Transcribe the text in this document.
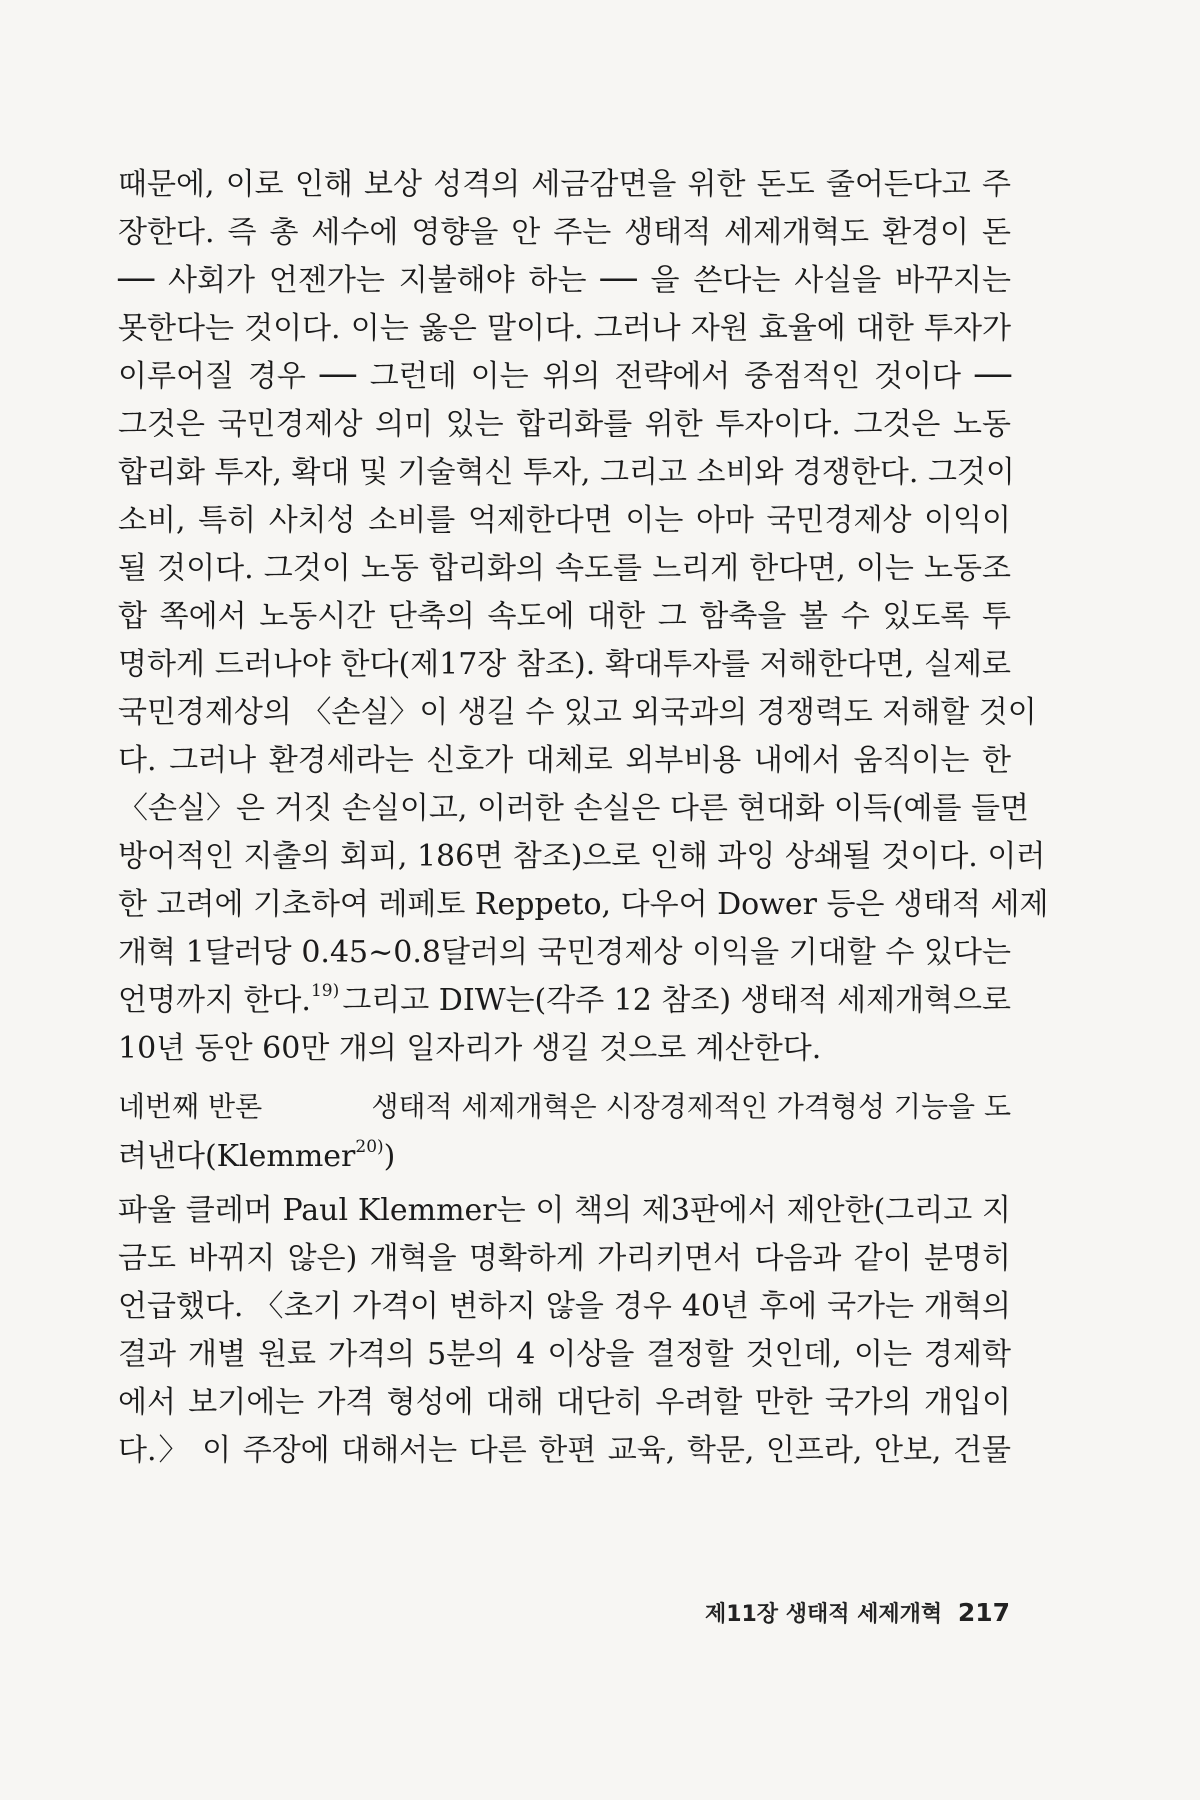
때문에, 이로 인해 보상 성격의 세금감면을 위한 돈도 줄어든다고 주
장한다. 즉 총 세수에 영향을 안 주는 생태적 세제개혁도 환경이 돈
── 사회가 언젠가는 지불해야 하는 ── 을 쓴다는 사실을 바꾸지는
못한다는 것이다. 이는 옳은 말이다. 그러나 자원 효율에 대한 투자가
이루어질 경우 ── 그런데 이는 위의 전략에서 중점적인 것이다 ──
그것은 국민경제상 의미 있는 합리화를 위한 투자이다. 그것은 노동
합리화 투자, 확대 및 기술혁신 투자, 그리고 소비와 경쟁한다. 그것이
소비, 특히 사치성 소비를 억제한다면 이는 아마 국민경제상 이익이
될 것이다. 그것이 노동 합리화의 속도를 느리게 한다면, 이는 노동조
합 쪽에서 노동시간 단축의 속도에 대한 그 함축을 볼 수 있도록 투
명하게 드러나야 한다(제17장 참조). 확대투자를 저해한다면, 실제로
국민경제상의 〈손실〉이 생길 수 있고 외국과의 경쟁력도 저해할 것이
다. 그러나 환경세라는 신호가 대체로 외부비용 내에서 움직이는 한
〈손실〉은 거짓 손실이고, 이러한 손실은 다른 현대화 이득(예를 들면
방어적인 지출의 회피, 186면 참조)으로 인해 과잉 상쇄될 것이다. 이러
한 고려에 기초하여 레페토 Reppeto, 다우어 Dower 등은 생태적 세제
개혁 1달러당 0.45~0.8달러의 국민경제상 이익을 기대할 수 있다는
언명까지 한다.$^{19)}$ 그리고 DIW는(각주 12 참조) 생태적 세제개혁으로
10년 동안 60만 개의 일자리가 생길 것으로 계산한다.
네번째 반론	생태적 세제개혁은 시장경제적인 가격형성 기능을 도
려낸다(Klemmer$^{20)}$)
파울 클레머 Paul Klemmer는 이 책의 제3판에서 제안한(그리고 지
금도 바뀌지 않은) 개혁을 명확하게 가리키면서 다음과 같이 분명히
언급했다. 〈초기 가격이 변하지 않을 경우 40년 후에 국가는 개혁의
결과 개별 원료 가격의 5분의 4 이상을 결정할 것인데, 이는 경제학
에서 보기에는 가격 형성에 대해 대단히 우려할 만한 국가의 개입이
다.〉 이 주장에 대해서는 다른 한편 교육, 학문, 인프라, 안보, 건물
제11장 생태적 세제개혁 217
